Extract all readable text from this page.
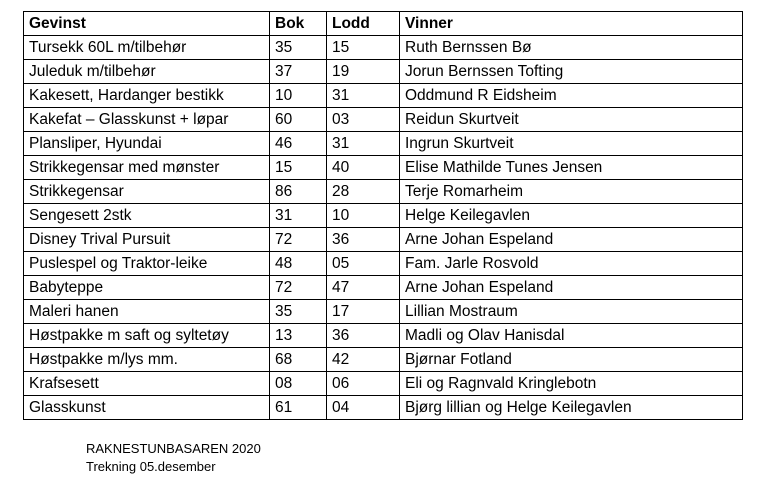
Gevinst	Bok	Lodd	Vinner
Tursekk 60L m/tilbehør	35	15	Ruth Bernssen Bø
Juleduk m/tilbehør	37	19	Jorun Bernssen Tofting
Kakesett, Hardanger bestikk	10	31	Oddmund R Eidsheim
Kakefat – Glasskunst + løpar	60	03	Reidun Skurtveit
Plansliper, Hyundai	46	31	Ingrun Skurtveit
Strikkegensar med mønster	15	40	Elise Mathilde Tunes Jensen
Strikkegensar	86	28	Terje Romarheim
Sengesett 2stk	31	10	Helge Keilegavlen
Disney Trival Pursuit	72	36	Arne Johan Espeland
Puslespel og Traktor-leike	48	05	Fam. Jarle Rosvold
Babyteppe	72	47	Arne Johan Espeland
Maleri hanen	35	17	Lillian Mostraum
Høstpakke m saft og syltetøy	13	36	Madli og Olav Hanisdal
Høstpakke m/lys mm.	68	42	Bjørnar Fotland
Krafsesett	08	06	Eli og Ragnvald Kringlebotn
Glasskunst	61	04	Bjørg lillian og Helge Keilegavlen
RAKNESTUNBASAREN 2020
Trekning 05.desember
